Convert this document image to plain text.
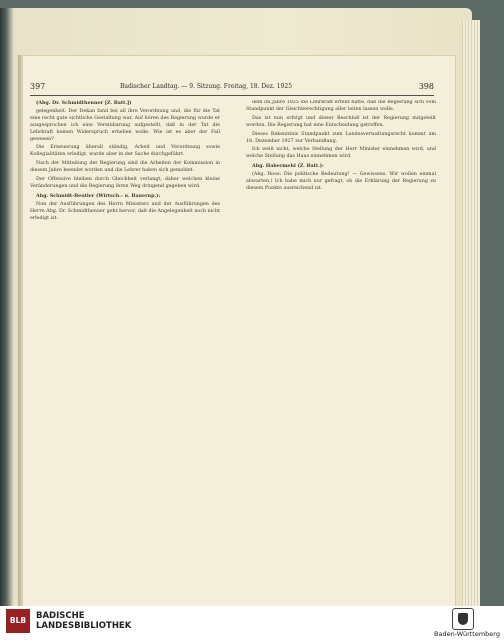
397	Badischer Landtag. — 9. Sitzung. Freitag, 18. Dez. 1925	398

(Abg. Dr. Schmidthenner [Z. Batt.])

gelegenheit. Der Dekan fand bei all ihre Verordnung und, die für die Tat eine recht gute sichtliche Gestaltung war. Auf hören des Regierung wurde er ausgesprochen ich eine Vereinbarung aufgestellt, daß in der Tat die Lehrkraft keinen Widerspruch erheben wolle. Wie ist es aber der Fall gewesen?

Die Erneuerung überall ständig, Arbeit und Verordnung sowie Kollegialitäten erledigt, wurde aber in der Sache durchgeführt.

Nach der Mitteilung der Regierung sind die Arbeiten der Kommission in diesem Jahre beendet worden und die Lehrer haben sich gemeldet.

Der Offensive bleiben durch Gleichheit verlangt, daher welchen kleine Veränderungen und die Regierung ihren Weg dringend gegeben wird.

Abg. Schmidt-Beutler (Wirtsch.- u. Bauernp.):

Nun der Ausführungen des Herrn Ministers und der Ausführungen des Herrn Abg. Dr. Schmidthenner geht hervor, daß die Angelegenheit noch nicht erledigt ist.

dem im Jahre 1925 die Lehrkraft erteilt hatte, daß die Regierung sich vom Standpunkt der Gleichberechtigung aller leiten lassen wolle.

Das ist nun erfolgt und dieser Beschluß ist der Regierung mitgeteilt worden. Die Regierung hat eine Entscheidung getroffen.

Dieses Bekenntnis Standpunkt zum Landesverwaltungsrecht kommt am 18. Dezember 1927 zur Verhandlung.

Ich weiß nicht, welche Stellung der Herr Minister einnehmen wird, und welche Stellung das Haus einnehmen wird.

Abg. Habermehl (Z. Batt.):

(Abg. Roos: Die politische Bedeutung! — Gewissens. Wir wollen einmal abwarten.) Ich habe mich nur gefragt, ob die Erklärung der Regierung zu diesem Punkte ausreichend ist.

BLB	BADISCHE
LANDESBIBLIOTHEK
Baden-Württemberg
